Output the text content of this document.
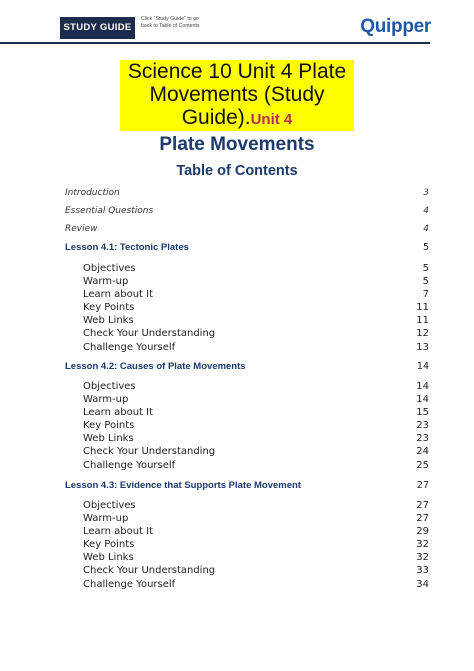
STUDY GUIDE
Click "Study Guide" to go back to Table of Contents	Quipper
Science 10 Unit 4 Plate Movements (Study Guide).Unit 4
Plate Movements
Table of Contents
Introduction	3
Essential Questions	4
Review	4
Lesson 4.1: Tectonic Plates	5
Objectives	5
Warm-up	5
Learn about It	7
Key Points	11
Web Links	11
Check Your Understanding	12
Challenge Yourself	13
Lesson 4.2: Causes of Plate Movements	14
Objectives	14
Warm-up	14
Learn about It	15
Key Points	23
Web Links	23
Check Your Understanding	24
Challenge Yourself	25
Lesson 4.3: Evidence that Supports Plate Movement	27
Objectives	27
Warm-up	27
Learn about It	29
Key Points	32
Web Links	32
Check Your Understanding	33
Challenge Yourself	34
